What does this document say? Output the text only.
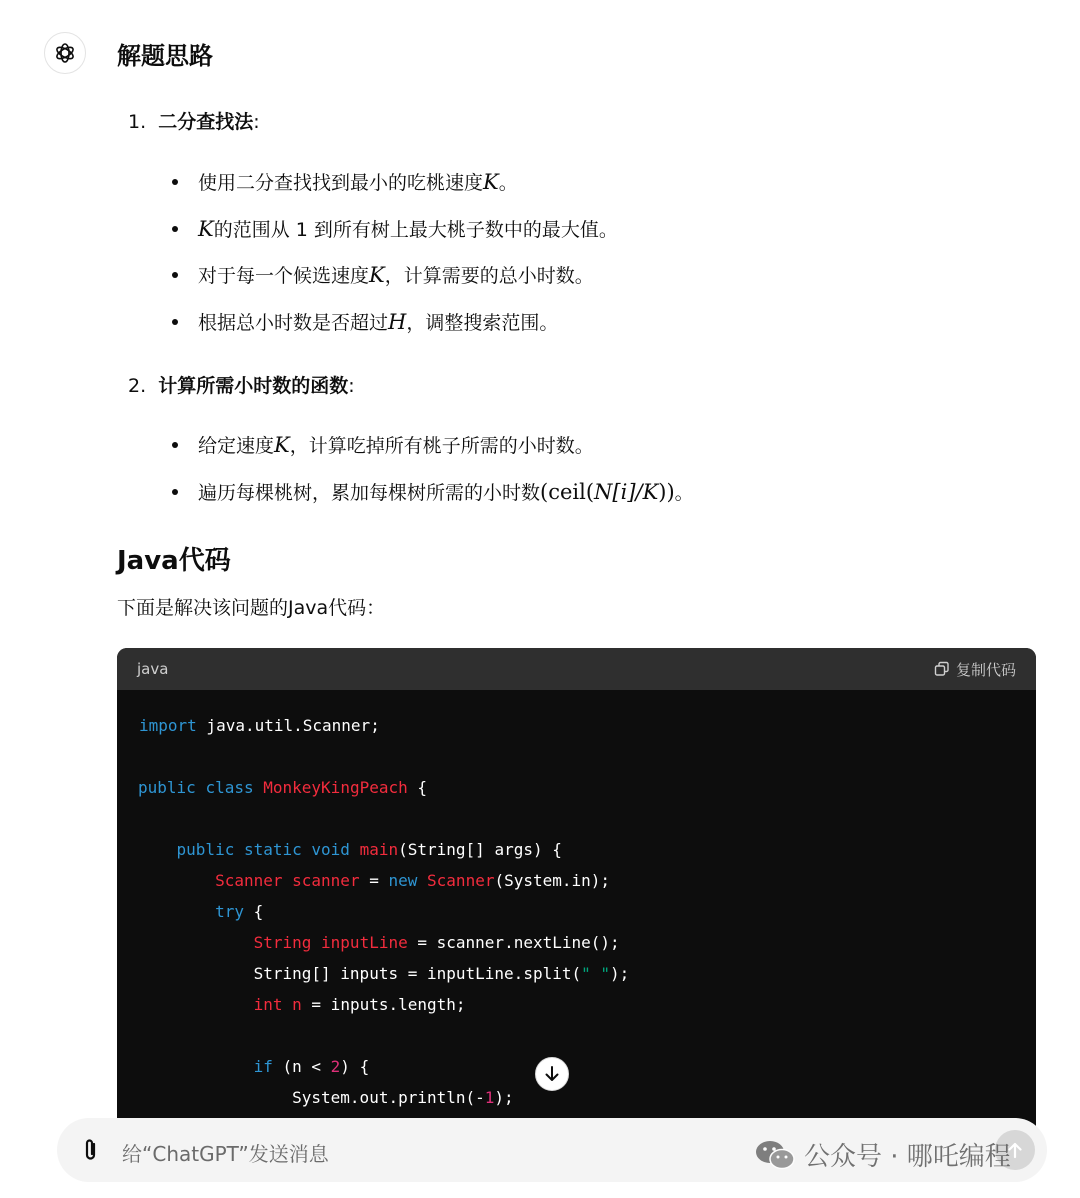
解题思路
1. 二分查找法:
使用二分查找找到最小的吃桃速度 K 。
K 的范围从 1 到所有树上最大桃子数中的最大值。
对于每一个候选速度 K ，计算需要的总小时数。
根据总小时数是否超过 H ，调整搜索范围。
2. 计算所需小时数的函数:
给定速度 K ，计算吃掉所有桃子所需的小时数。
遍历每棵桃树，累加每棵树所需的小时数 (ceil( N[i]/K )) 。
Java代码
下面是解决该问题的Java代码：
java	复制代码
import java.util.Scanner;
public class MonkeyKingPeach {
public static void main(String[] args) {
Scanner scanner = new Scanner(System.in);
try {
String inputLine = scanner.nextLine();
String[] inputs = inputLine.split(" ");
int n = inputs.length;
if (n < 2) {
System.out.println(-1);
给“ChatGPT”发送消息	公众号 · 哪吒编程
